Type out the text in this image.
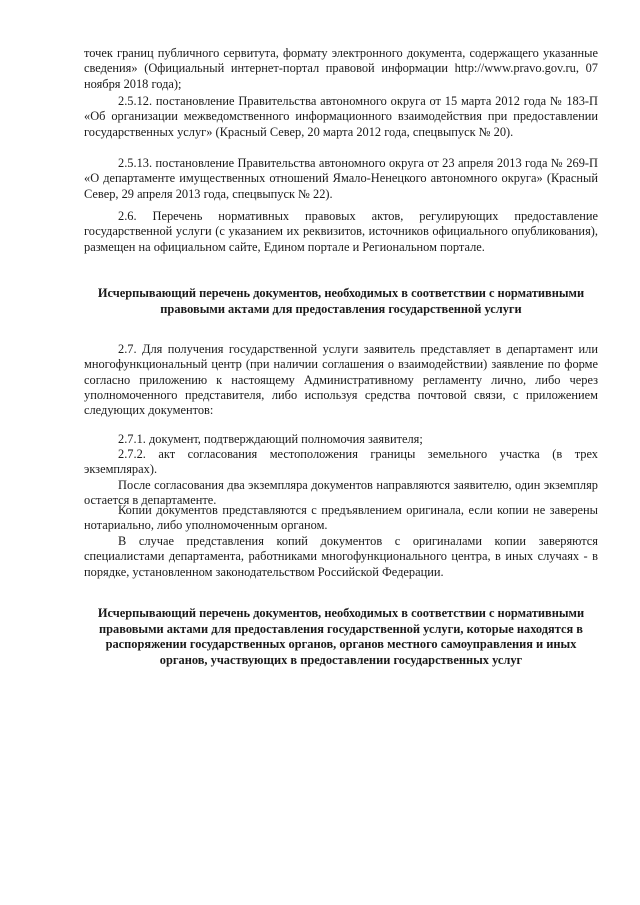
точек границ публичного сервитута, формату электронного документа, содержащего указанные сведения» (Официальный интернет-портал правовой информации http://www.pravo.gov.ru, 07 ноября 2018 года);

2.5.12. постановление Правительства автономного округа от 15 марта 2012 года № 183-П «Об организации межведомственного информационного взаимодействия при предоставлении государственных услуг» (Красный Север, 20 марта 2012 года, спецвыпуск № 20).

2.5.13. постановление Правительства автономного округа от 23 апреля 2013 года № 269-П «О департаменте имущественных отношений Ямало-Ненецкого автономного округа» (Красный Север, 29 апреля 2013 года, спецвыпуск № 22).

2.6. Перечень нормативных правовых актов, регулирующих предоставление государственной услуги (с указанием их реквизитов, источников официального опубликования), размещен на официальном сайте, Едином портале и Региональном портале.

Исчерпывающий перечень документов, необходимых в соответствии с нормативными правовыми актами для предоставления государственной услуги

2.7. Для получения государственной услуги заявитель представляет в департамент или многофункциональный центр (при наличии соглашения о взаимодействии) заявление по форме согласно приложению к настоящему Административному регламенту лично, либо через уполномоченного представителя, либо используя средства почтовой связи, с приложением следующих документов:

2.7.1. документ, подтверждающий полномочия заявителя;

2.7.2. акт согласования местоположения границы земельного участка (в трех экземплярах).

После согласования два экземпляра документов направляются заявителю, один экземпляр остается в департаменте.

Копии документов представляются с предъявлением оригинала, если копии не заверены нотариально, либо уполномоченным органом.

В случае представления копий документов с оригиналами копии заверяются специалистами департамента, работниками многофункционального центра, в иных случаях - в порядке, установленном законодательством Российской Федерации.

Исчерпывающий перечень документов, необходимых в соответствии с нормативными правовыми актами для предоставления государственной услуги, которые находятся в распоряжении государственных органов, органов местного самоуправления и иных органов, участвующих в предоставлении государственных услуг
